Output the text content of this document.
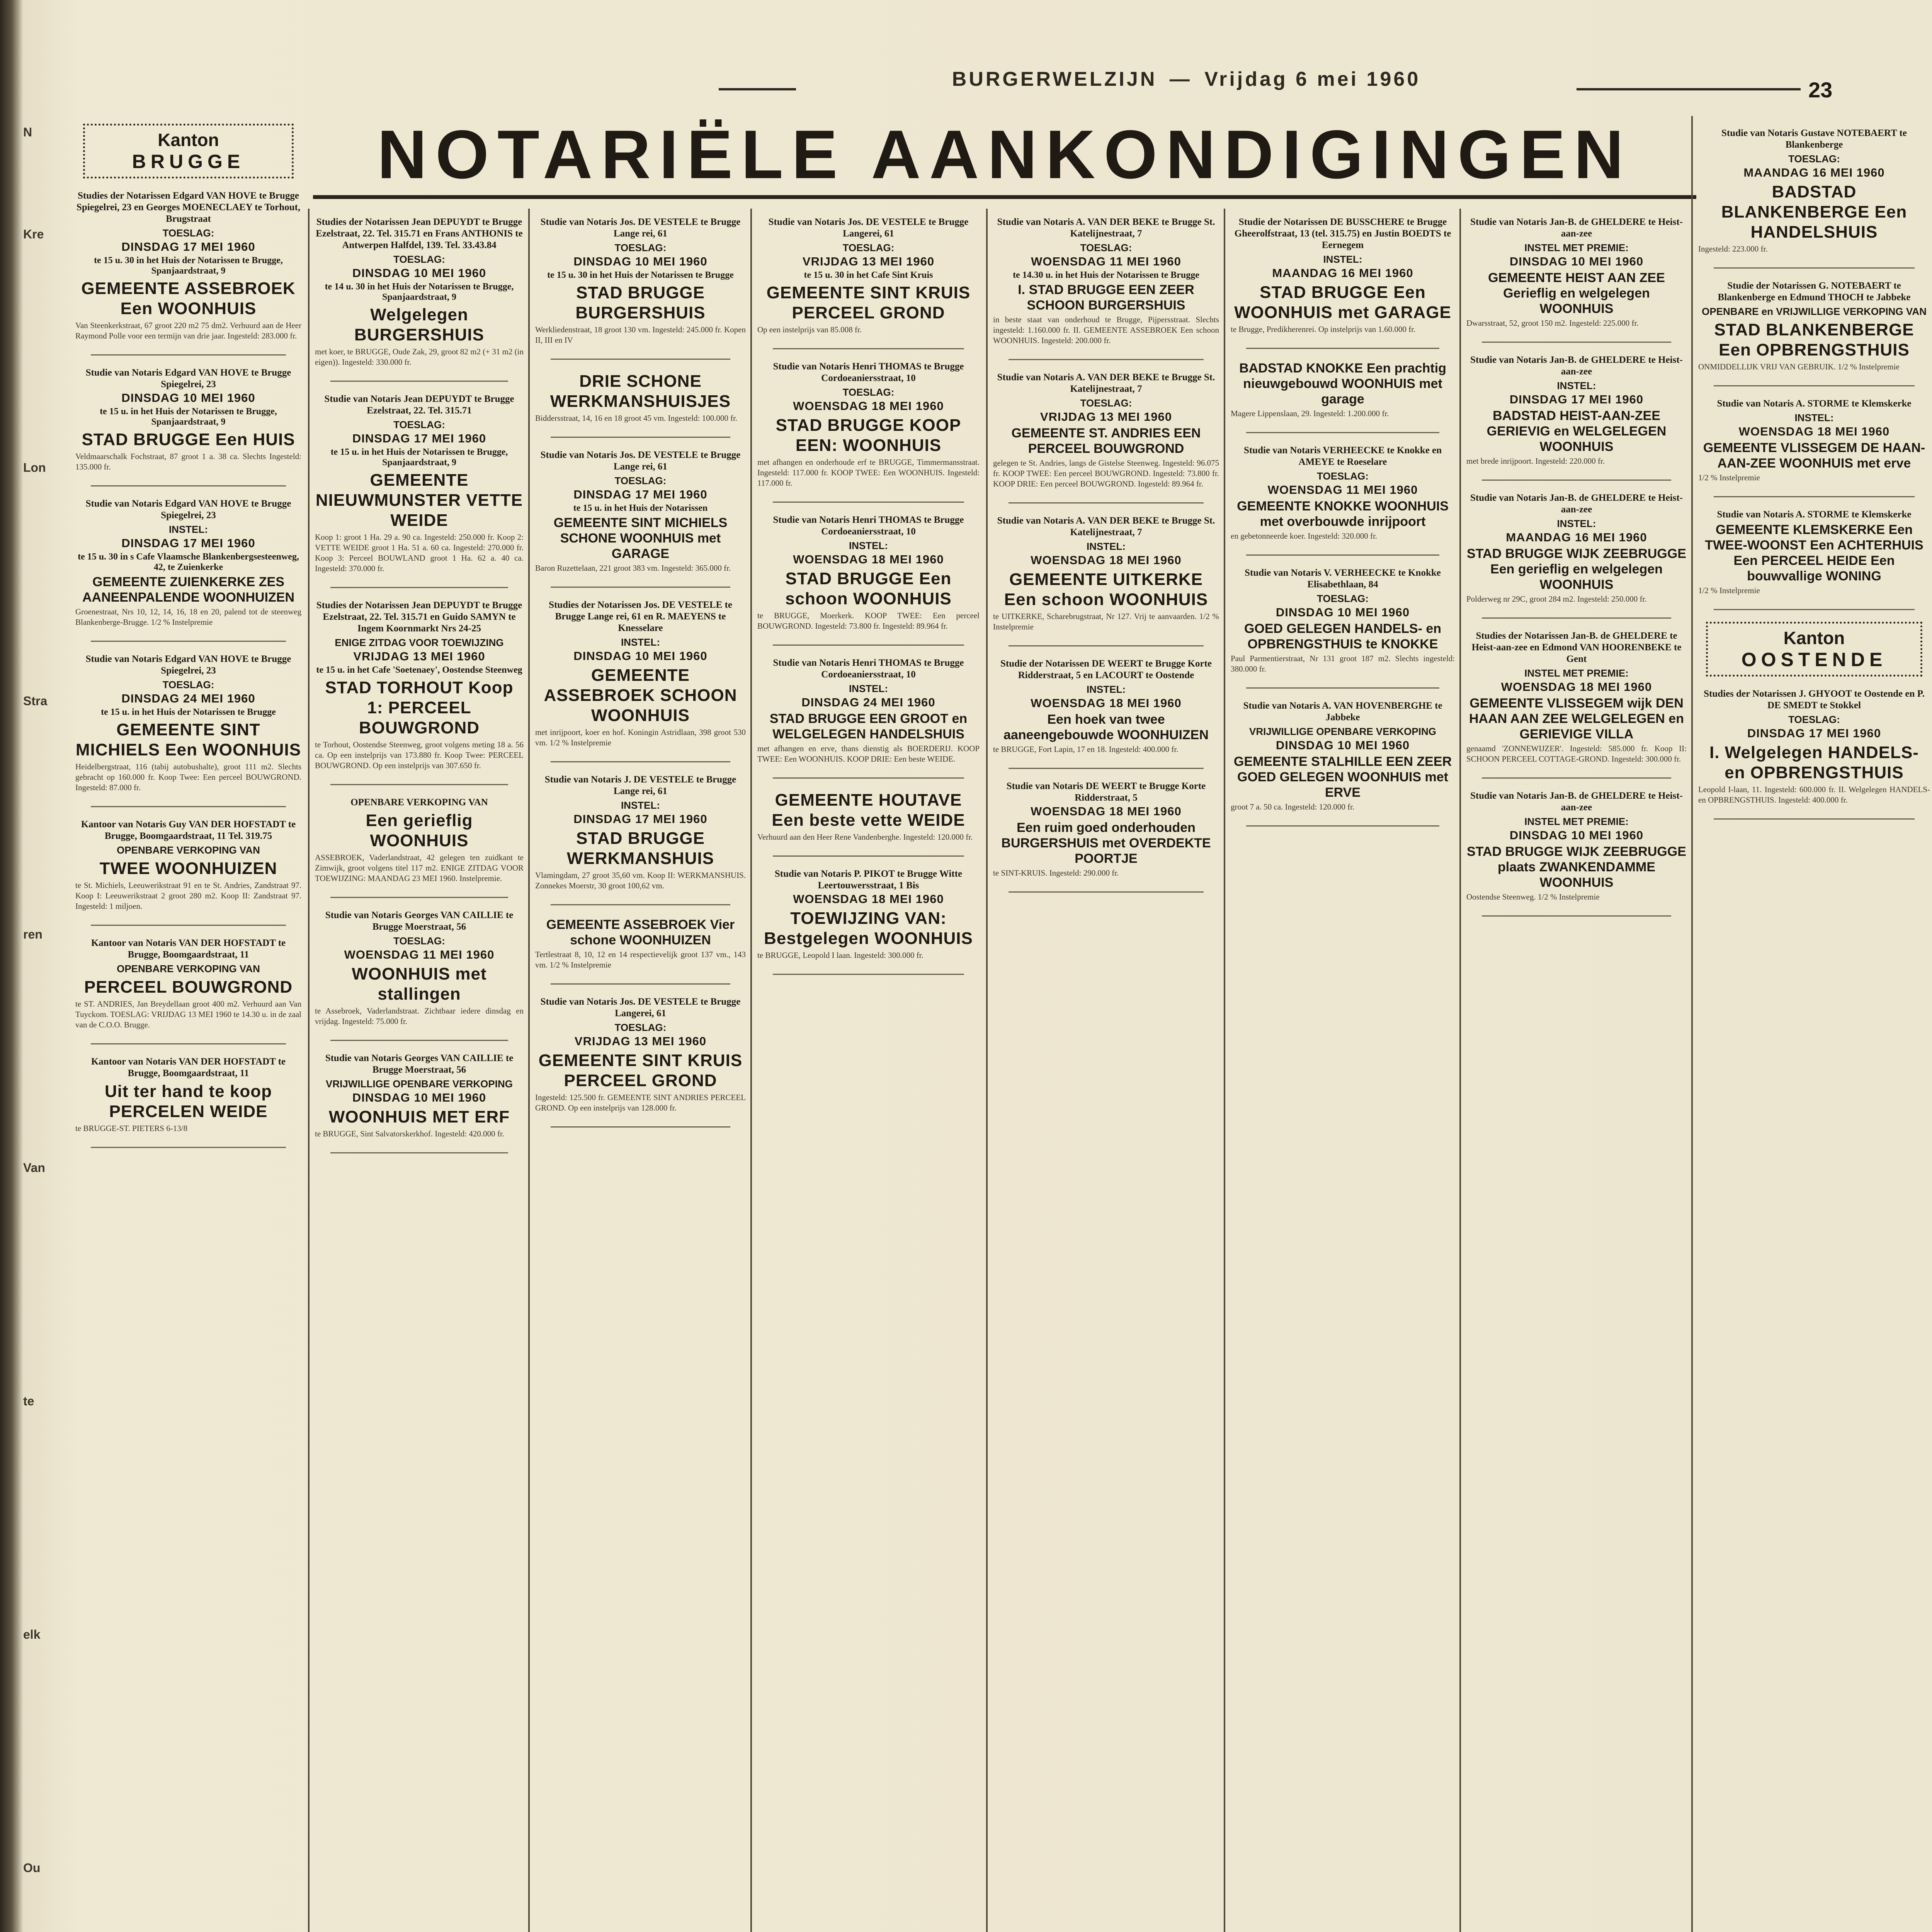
BURGERWELZIJN — Vrijdag 6 mei 1960	23
NOTARIËLE AANKONDIGINGEN
N
Kre
Lon
Stra
ren
Van
te
elk
Ou
Kanton
BRUGGE
Studies der Notarissen Edgard VAN HOVE te Brugge Spiegelrei, 23 en Georges MOENECLAEY te Torhout, Brugstraat
TOESLAG:
DINSDAG 17 MEI 1960
te 15 u. 30 in het Huis der Notarissen te Brugge, Spanjaardstraat, 9
GEMEENTE ASSEBROEK Een WOONHUIS
Van Steenkerkstraat, 67 groot 220 m2 75 dm2. Verhuurd aan de Heer Raymond Polle voor een termijn van drie jaar. Ingesteld: 283.000 fr.
Studie van Notaris Edgard VAN HOVE te Brugge Spiegelrei, 23
DINSDAG 10 MEI 1960
te 15 u. in het Huis der Notarissen te Brugge, Spanjaardstraat, 9
STAD BRUGGE Een HUIS
Veldmaarschalk Fochstraat, 87 groot 1 a. 38 ca. Slechts Ingesteld: 135.000 fr.
Studie van Notaris Edgard VAN HOVE te Brugge Spiegelrei, 23
INSTEL:
DINSDAG 17 MEI 1960
te 15 u. 30 in s Cafe Vlaamsche Blankenbergsesteenweg, 42, te Zuienkerke
GEMEENTE ZUIENKERKE ZES AANEENPALENDE WOONHUIZEN
Groenestraat, Nrs 10, 12, 14, 16, 18 en 20, palend tot de steenweg Blankenberge-Brugge. 1/2 % Instelpremie
Studie van Notaris Edgard VAN HOVE te Brugge Spiegelrei, 23
TOESLAG:
DINSDAG 24 MEI 1960
te 15 u. in het Huis der Notarissen te Brugge
GEMEENTE SINT MICHIELS Een WOONHUIS
Heidelbergstraat, 116 (tabij autobushalte), groot 111 m2. Slechts gebracht op 160.000 fr. Koop Twee: Een perceel BOUWGROND. Ingesteld: 87.000 fr.
Kantoor van Notaris Guy VAN DER HOFSTADT te Brugge, Boomgaardstraat, 11 Tel. 319.75
OPENBARE VERKOPING VAN
TWEE WOONHUIZEN
te St. Michiels, Leeuwerikstraat 91 en te St. Andries, Zandstraat 97. Koop I: Leeuwerikstraat 2 groot 280 m2. Koop II: Zandstraat 97. Ingesteld: 1 miljoen.
Kantoor van Notaris VAN DER HOFSTADT te Brugge, Boomgaardstraat, 11
OPENBARE VERKOPING VAN
PERCEEL BOUWGROND
te ST. ANDRIES, Jan Breydellaan groot 400 m2. Verhuurd aan Van Tuyckom. TOESLAG: VRIJDAG 13 MEI 1960 te 14.30 u. in de zaal van de C.O.O. Brugge.
Kantoor van Notaris VAN DER HOFSTADT te Brugge, Boomgaardstraat, 11
Uit ter hand te koop PERCELEN WEIDE
te BRUGGE-ST. PIETERS 6-13/8
Studies der Notarissen Jean DEPUYDT te Brugge Ezelstraat, 22. Tel. 315.71 en Frans ANTHONIS te Antwerpen Halfdel, 139. Tel. 33.43.84
TOESLAG:
DINSDAG 10 MEI 1960
te 14 u. 30 in het Huis der Notarissen te Brugge, Spanjaardstraat, 9
Welgelegen BURGERSHUIS
met koer, te BRUGGE, Oude Zak, 29, groot 82 m2 (+ 31 m2 (in eigen)). Ingesteld: 330.000 fr.
Studie van Notaris Jean DEPUYDT te Brugge Ezelstraat, 22. Tel. 315.71
TOESLAG:
DINSDAG 17 MEI 1960
te 15 u. in het Huis der Notarissen te Brugge, Spanjaardstraat, 9
GEMEENTE NIEUWMUNSTER VETTE WEIDE
Koop 1: groot 1 Ha. 29 a. 90 ca. Ingesteld: 250.000 fr. Koop 2: VETTE WEIDE groot 1 Ha. 51 a. 60 ca. Ingesteld: 270.000 fr. Koop 3: Perceel BOUWLAND groot 1 Ha. 62 a. 40 ca. Ingesteld: 370.000 fr.
Studies der Notarissen Jean DEPUYDT te Brugge Ezelstraat, 22. Tel. 315.71 en Guido SAMYN te Ingem Koornmarkt Nrs 24-25
ENIGE ZITDAG VOOR TOEWIJZING
VRIJDAG 13 MEI 1960
te 15 u. in het Cafe 'Soetenaey', Oostendse Steenweg
STAD TORHOUT Koop 1: PERCEEL BOUWGROND
te Torhout, Oostendse Steenweg, groot volgens meting 18 a. 56 ca. Op een instelprijs van 173.880 fr. Koop Twee: PERCEEL BOUWGROND. Op een instelprijs van 307.650 fr.
OPENBARE VERKOPING VAN
Een gerieflig WOONHUIS
ASSEBROEK, Vaderlandstraat, 42 gelegen ten zuidkant te Zimwijk, groot volgens titel 117 m2. ENIGE ZITDAG VOOR TOEWIJZING: MAANDAG 23 MEI 1960. Instelpremie.
Studie van Notaris Georges VAN CAILLIE te Brugge Moerstraat, 56
TOESLAG:
WOENSDAG 11 MEI 1960
WOONHUIS met stallingen
te Assebroek, Vaderlandstraat. Zichtbaar iedere dinsdag en vrijdag. Ingesteld: 75.000 fr.
Studie van Notaris Georges VAN CAILLIE te Brugge Moerstraat, 56
VRIJWILLIGE OPENBARE VERKOPING
DINSDAG 10 MEI 1960
WOONHUIS MET ERF
te BRUGGE, Sint Salvatorskerkhof. Ingesteld: 420.000 fr.
Studie van Notaris Jos. DE VESTELE te Brugge Lange rei, 61
TOESLAG:
DINSDAG 10 MEI 1960
te 15 u. 30 in het Huis der Notarissen te Brugge
STAD BRUGGE BURGERSHUIS
Werkliedenstraat, 18 groot 130 vm. Ingesteld: 245.000 fr. Kopen II, III en IV
DRIE SCHONE WERKMANSHUISJES
Biddersstraat, 14, 16 en 18 groot 45 vm. Ingesteld: 100.000 fr.
Studie van Notaris Jos. DE VESTELE te Brugge Lange rei, 61
TOESLAG:
DINSDAG 17 MEI 1960
te 15 u. in het Huis der Notarissen
GEMEENTE SINT MICHIELS SCHONE WOONHUIS met GARAGE
Baron Ruzettelaan, 221 groot 383 vm. Ingesteld: 365.000 fr.
Studies der Notarissen Jos. DE VESTELE te Brugge Lange rei, 61 en R. MAEYENS te Knesselare
INSTEL:
DINSDAG 10 MEI 1960
GEMEENTE ASSEBROEK SCHOON WOONHUIS
met inrijpoort, koer en hof. Koningin Astridlaan, 398 groot 530 vm. 1/2 % Instelpremie
Studie van Notaris J. DE VESTELE te Brugge Lange rei, 61
INSTEL:
DINSDAG 17 MEI 1960
STAD BRUGGE WERKMANSHUIS
Vlamingdam, 27 groot 35,60 vm. Koop II: WERKMANSHUIS. Zonnekes Moerstr, 30 groot 100,62 vm.
GEMEENTE ASSEBROEK Vier schone WOONHUIZEN
Tertlestraat 8, 10, 12 en 14 respectievelijk groot 137 vm., 143 vm. 1/2 % Instelpremie
Studie van Notaris Jos. DE VESTELE te Brugge Langerei, 61
TOESLAG:
VRIJDAG 13 MEI 1960
GEMEENTE SINT KRUIS PERCEEL GROND
Ingesteld: 125.500 fr. GEMEENTE SINT ANDRIES PERCEEL GROND. Op een instelprijs van 128.000 fr.
Studie van Notaris Jos. DE VESTELE te Brugge Langerei, 61
TOESLAG:
VRIJDAG 13 MEI 1960
te 15 u. 30 in het Cafe Sint Kruis
GEMEENTE SINT KRUIS PERCEEL GROND
Op een instelprijs van 85.008 fr.
Studie van Notaris Henri THOMAS te Brugge Cordoeaniersstraat, 10
TOESLAG:
WOENSDAG 18 MEI 1960
STAD BRUGGE KOOP EEN: WOONHUIS
met afhangen en onderhoude erf te BRUGGE, Timmermansstraat. Ingesteld: 117.000 fr. KOOP TWEE: Een WOONHUIS. Ingesteld: 117.000 fr.
Studie van Notaris Henri THOMAS te Brugge Cordoeaniersstraat, 10
INSTEL:
WOENSDAG 18 MEI 1960
STAD BRUGGE Een schoon WOONHUIS
te BRUGGE, Moerkerk. KOOP TWEE: Een perceel BOUWGROND. Ingesteld: 73.800 fr. Ingesteld: 89.964 fr.
Studie van Notaris Henri THOMAS te Brugge Cordoeaniersstraat, 10
INSTEL:
DINSDAG 24 MEI 1960
STAD BRUGGE EEN GROOT en WELGELEGEN HANDELSHUIS
met afhangen en erve, thans dienstig als BOERDERIJ. KOOP TWEE: Een WOONHUIS. KOOP DRIE: Een beste WEIDE.
GEMEENTE HOUTAVE Een beste vette WEIDE
Verhuurd aan den Heer Rene Vandenberghe. Ingesteld: 120.000 fr.
Studie van Notaris P. PIKOT te Brugge Witte Leertouwersstraat, 1 Bis
WOENSDAG 18 MEI 1960
TOEWIJZING VAN: Bestgelegen WOONHUIS
te BRUGGE, Leopold I laan. Ingesteld: 300.000 fr.
Studie van Notaris A. VAN DER BEKE te Brugge St. Katelijnestraat, 7
TOESLAG:
WOENSDAG 11 MEI 1960
te 14.30 u. in het Huis der Notarissen te Brugge
I. STAD BRUGGE EEN ZEER SCHOON BURGERSHUIS
in beste staat van onderhoud te Brugge, Pijpersstraat. Slechts ingesteld: 1.160.000 fr. II. GEMEENTE ASSEBROEK Een schoon WOONHUIS. Ingesteld: 200.000 fr.
Studie van Notaris A. VAN DER BEKE te Brugge St. Katelijnestraat, 7
TOESLAG:
VRIJDAG 13 MEI 1960
GEMEENTE ST. ANDRIES EEN PERCEEL BOUWGROND
gelegen te St. Andries, langs de Gistelse Steenweg. Ingesteld: 96.075 fr. KOOP TWEE: Een perceel BOUWGROND. Ingesteld: 73.800 fr. KOOP DRIE: Een perceel BOUWGROND. Ingesteld: 89.964 fr.
Studie van Notaris A. VAN DER BEKE te Brugge St. Katelijnestraat, 7
INSTEL:
WOENSDAG 18 MEI 1960
GEMEENTE UITKERKE Een schoon WOONHUIS
te UITKERKE, Scharebrugstraat, Nr 127. Vrij te aanvaarden. 1/2 % Instelpremie
Studie der Notarissen DE WEERT te Brugge Korte Ridderstraat, 5 en LACOURT te Oostende
INSTEL:
WOENSDAG 18 MEI 1960
Een hoek van twee aaneengebouwde WOONHUIZEN
te BRUGGE, Fort Lapin, 17 en 18. Ingesteld: 400.000 fr.
Studie van Notaris DE WEERT te Brugge Korte Ridderstraat, 5
WOENSDAG 18 MEI 1960
Een ruim goed onderhouden BURGERSHUIS met OVERDEKTE POORTJE
te SINT-KRUIS. Ingesteld: 290.000 fr.
Studie der Notarissen DE BUSSCHERE te Brugge Gheerolfstraat, 13 (tel. 315.75) en Justin BOEDTS te Eernegem
INSTEL:
MAANDAG 16 MEI 1960
STAD BRUGGE Een WOONHUIS met GARAGE
te Brugge, Predikherenrei. Op instelprijs van 1.60.000 fr.
BADSTAD KNOKKE Een prachtig nieuwgebouwd WOONHUIS met garage
Magere Lippenslaan, 29. Ingesteld: 1.200.000 fr.
Studie van Notaris VERHEECKE te Knokke en AMEYE te Roeselare
TOESLAG:
WOENSDAG 11 MEI 1960
GEMEENTE KNOKKE WOONHUIS met overbouwde inrijpoort
en gebetonneerde koer. Ingesteld: 320.000 fr.
Studie van Notaris V. VERHEECKE te Knokke Elisabethlaan, 84
TOESLAG:
DINSDAG 10 MEI 1960
GOED GELEGEN HANDELS- en OPBRENGSTHUIS te KNOKKE
Paul Parmentierstraat, Nr 131 groot 187 m2. Slechts ingesteld: 380.000 fr.
Studie van Notaris A. VAN HOVENBERGHE te Jabbeke
VRIJWILLIGE OPENBARE VERKOPING
DINSDAG 10 MEI 1960
GEMEENTE STALHILLE EEN ZEER GOED GELEGEN WOONHUIS met ERVE
groot 7 a. 50 ca. Ingesteld: 120.000 fr.
Studie van Notaris Jan-B. de GHELDERE te Heist-aan-zee
INSTEL MET PREMIE:
DINSDAG 10 MEI 1960
GEMEENTE HEIST AAN ZEE Gerieflig en welgelegen WOONHUIS
Dwarsstraat, 52, groot 150 m2. Ingesteld: 225.000 fr.
Studie van Notaris Jan-B. de GHELDERE te Heist-aan-zee
INSTEL:
DINSDAG 17 MEI 1960
BADSTAD HEIST-AAN-ZEE GERIEVIG en WELGELEGEN WOONHUIS
met brede inrijpoort. Ingesteld: 220.000 fr.
Studie van Notaris Jan-B. de GHELDERE te Heist-aan-zee
INSTEL:
MAANDAG 16 MEI 1960
STAD BRUGGE WIJK ZEEBRUGGE Een gerieflig en welgelegen WOONHUIS
Polderweg nr 29C, groot 284 m2. Ingesteld: 250.000 fr.
Studies der Notarissen Jan-B. de GHELDERE te Heist-aan-zee en Edmond VAN HOORENBEKE te Gent
INSTEL MET PREMIE:
WOENSDAG 18 MEI 1960
GEMEENTE VLISSEGEM wijk DEN HAAN AAN ZEE WELGELEGEN en GERIEVIGE VILLA
genaamd 'ZONNEWIJZER'. Ingesteld: 585.000 fr. Koop II: SCHOON PERCEEL COTTAGE-GROND. Ingesteld: 300.000 fr.
Studie van Notaris Jan-B. de GHELDERE te Heist-aan-zee
INSTEL MET PREMIE:
DINSDAG 10 MEI 1960
STAD BRUGGE WIJK ZEEBRUGGE plaats ZWANKENDAMME WOONHUIS
Oostendse Steenweg. 1/2 % Instelpremie
Studie van Notaris Gustave NOTEBAERT te Blankenberge
TOESLAG:
MAANDAG 16 MEI 1960
BADSTAD BLANKENBERGE Een HANDELSHUIS
Ingesteld: 223.000 fr.
Studie der Notarissen G. NOTEBAERT te Blankenberge en Edmund THOCH te Jabbeke
OPENBARE en VRIJWILLIGE VERKOPING VAN
STAD BLANKENBERGE Een OPBRENGSTHUIS
ONMIDDELLIJK VRIJ VAN GEBRUIK. 1/2 % Instelpremie
Studie van Notaris A. STORME te Klemskerke
INSTEL:
WOENSDAG 18 MEI 1960
GEMEENTE VLISSEGEM DE HAAN-AAN-ZEE WOONHUIS met erve
1/2 % Instelpremie
Studie van Notaris A. STORME te Klemskerke
GEMEENTE KLEMSKERKE Een TWEE-WOONST Een ACHTERHUIS Een PERCEEL HEIDE Een bouwvallige WONING
1/2 % Instelpremie
Kanton
OOSTENDE
Studies der Notarissen J. GHYOOT te Oostende en P. DE SMEDT te Stokkel
TOESLAG:
DINSDAG 17 MEI 1960
I. Welgelegen HANDELS- en OPBRENGSTHUIS
Leopold I-laan, 11. Ingesteld: 600.000 fr. II. Welgelegen HANDELS- en OPBRENGSTHUIS. Ingesteld: 400.000 fr.
